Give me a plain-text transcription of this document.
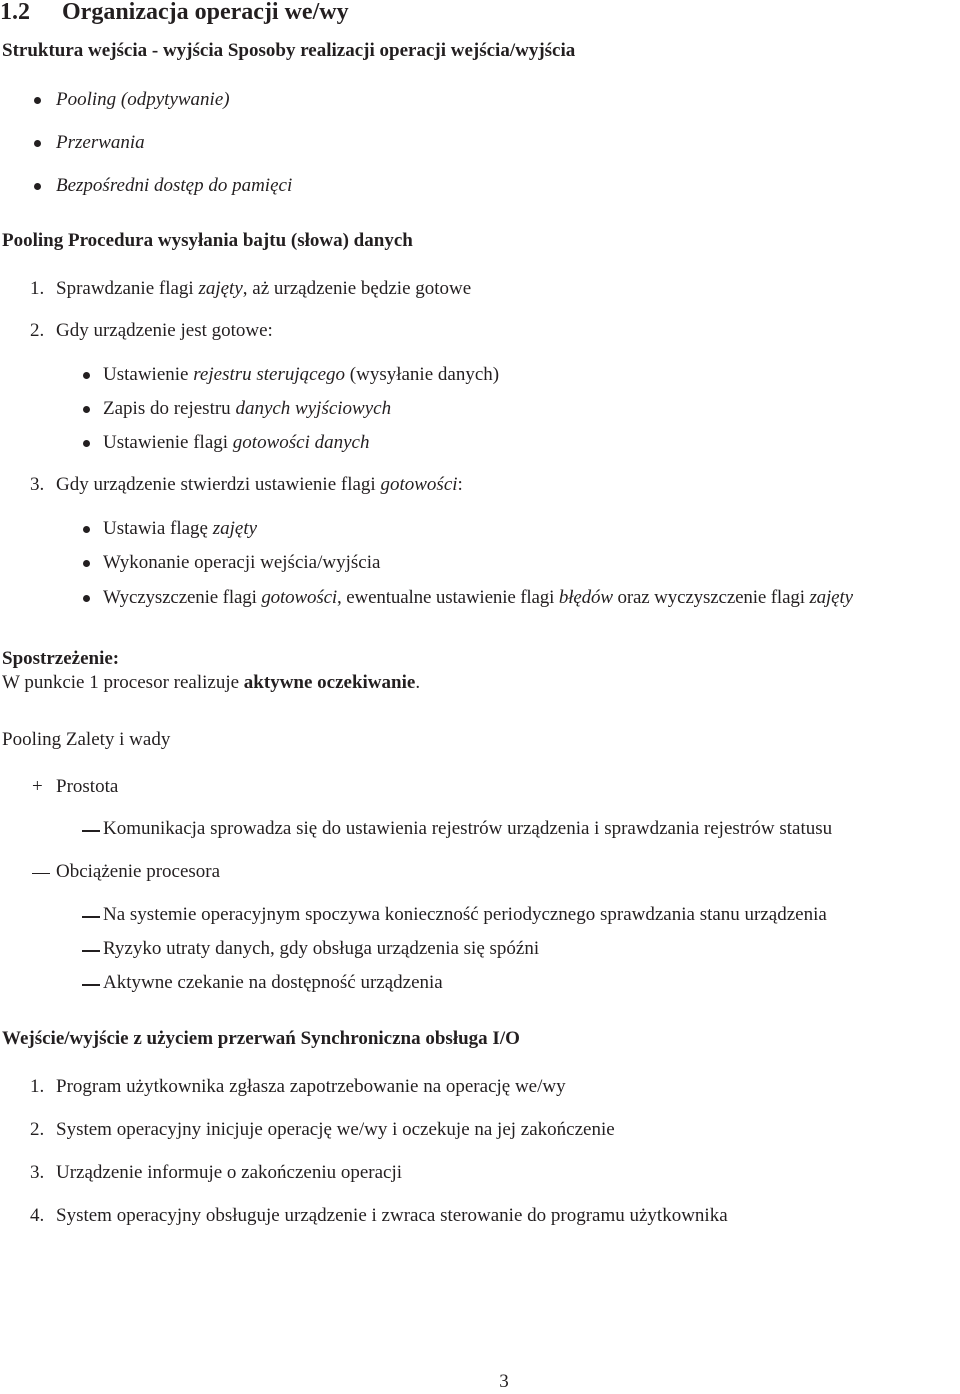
1.2 Organizacja operacji we/wy
Struktura wejścia - wyjścia Sposoby realizacji operacji wejścia/wyjścia
Pooling (odpytywanie)
Przerwania
Bezpośredni dostęp do pamięci
Pooling Procedura wysyłania bajtu (słowa) danych
1. Sprawdzanie flagi zajęty, aż urządzenie będzie gotowe
2. Gdy urządzenie jest gotowe:
Ustawienie rejestru sterującego (wysyłanie danych)
Zapis do rejestru danych wyjściowych
Ustawienie flagi gotowości danych
3. Gdy urządzenie stwierdzi ustawienie flagi gotowości:
Ustawia flagę zajęty
Wykonanie operacji wejścia/wyjścia
Wyczyszczenie flagi gotowości, ewentualne ustawienie flagi błędów oraz wyczyszczenie flagi zajęty
Spostrzeżenie:
W punkcie 1 procesor realizuje aktywne oczekiwanie.
Pooling Zalety i wady
+ Prostota
Komunikacja sprowadza się do ustawienia rejestrów urządzenia i sprawdzania rejestrów statusu
Obciążenie procesora
Na systemie operacyjnym spoczywa konieczność periodycznego sprawdzania stanu urządzenia
Ryzyko utraty danych, gdy obsługa urządzenia się spóźni
Aktywne czekanie na dostępność urządzenia
Wejście/wyjście z użyciem przerwań Synchroniczna obsługa I/O
1. Program użytkownika zgłasza zapotrzebowanie na operację we/wy
2. System operacyjny inicjuje operację we/wy i oczekuje na jej zakończenie
3. Urządzenie informuje o zakończeniu operacji
4. System operacyjny obsługuje urządzenie i zwraca sterowanie do programu użytkownika
3
